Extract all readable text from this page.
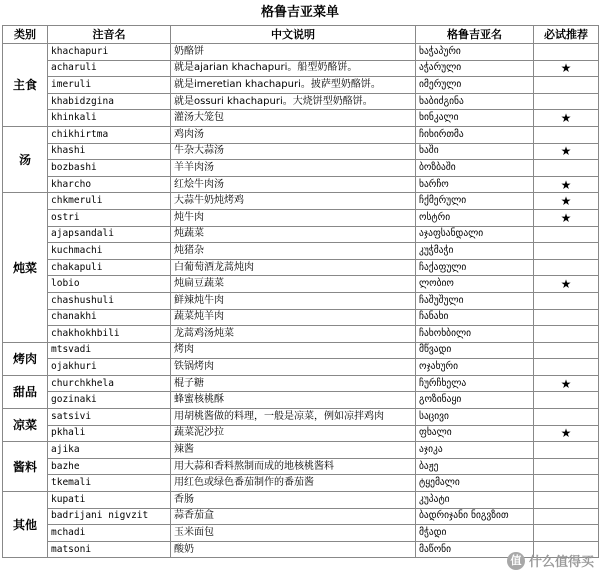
格鲁吉亚菜单
类别	注音名	中文说明	格鲁吉亚名	必试推荐
主食	khachapuri	奶酪饼	ხაჭაპური	
	acharuli	就是ajarian khachapuri。船型奶酪饼。	აჭარული	★
	imeruli	就是imeretian khachapuri。披萨型奶酪饼。	იმერული	
	khabidzgina	就是ossuri khachapuri。大烧饼型奶酪饼。	ხაბიძგინა	
	khinkali	灌汤大笼包	ხინკალი	★
汤	chikhirtma	鸡肉汤	ჩიხირთმა	
	khashi	牛杂大蒜汤	ხაში	★
	bozbashi	羊羊肉汤	ბოზბაში	
	kharcho	红烩牛肉汤	ხარჩო	★
炖菜	chkmeruli	大蒜牛奶炖烤鸡	ჩქმერული	★
	ostri	炖牛肉	ოსტრი	★
	ajapsandali	炖蔬菜	აჯაფსანდალი	
	kuchmachi	炖猪杂	კუჭმაჭი	
	chakapuli	白葡萄酒龙蒿炖肉	ჩაქაფული	
	lobio	炖扁豆蔬菜	ლობიო	★
	chashushuli	鲜辣炖牛肉	ჩაშუშული	
	chanakhi	蔬菜炖羊肉	ჩანახი	
	chakhokhbili	龙蒿鸡汤炖菜	ჩახოხბილი	
烤肉	mtsvadi	烤肉	მწვადი	
	ojakhuri	铁锅烤肉	ოჯახური	
甜品	churchkhela	棍子糖	ჩურჩხელა	★
	gozinaki	蜂蜜核桃酥	გოზინაყი	
凉菜	satsivi	用胡桃酱做的料理，一般是凉菜，例如凉拌鸡肉	საცივი	
	pkhali	蔬菜泥沙拉	ფხალი	★
酱料	ajika	辣酱	აჯიკა	
	bazhe	用大蒜和香料熬制而成的地核桃酱料	ბაჟე	
	tkemali	用红色或绿色番茄制作的番茄酱	ტყემალი	
其他	kupati	香肠	კუპატი	
	badrijani nigvzit	蒜香茄盒	ბადრიჯანი ნიგვზით	
	mchadi	玉米面包	მჭადი	
	matsoni	酸奶	მაწონი	
值 什么值得买
